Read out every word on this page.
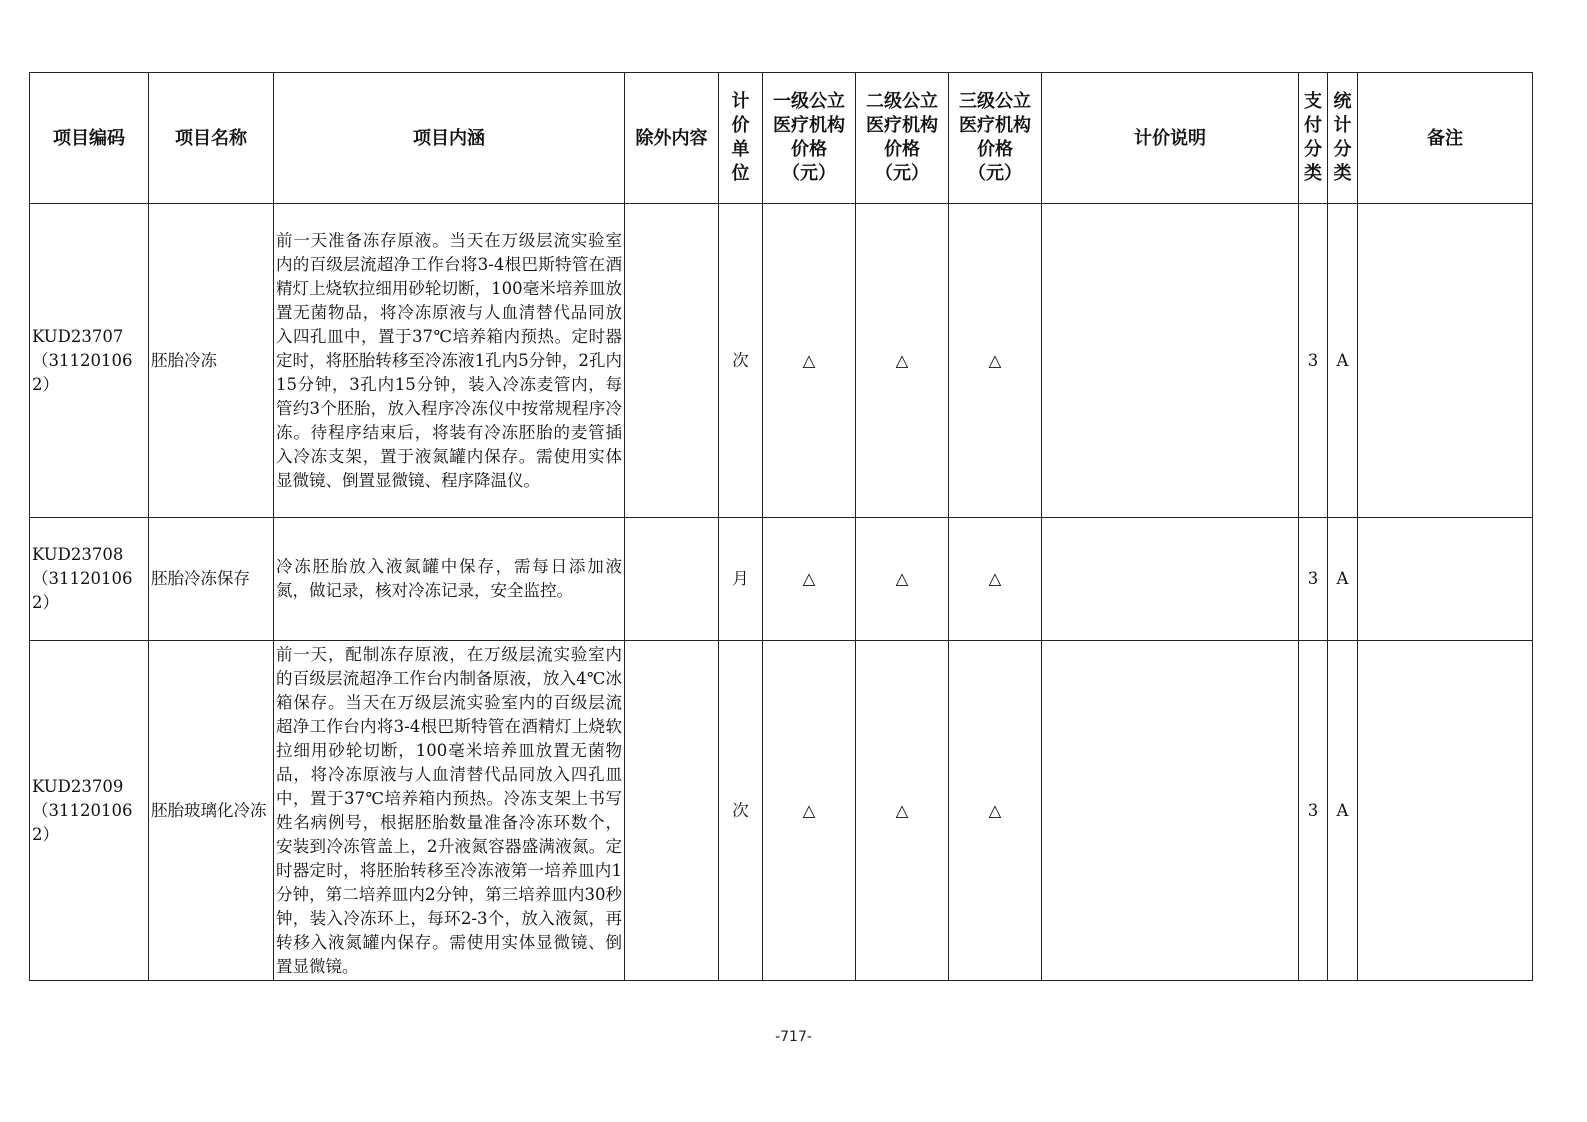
项目编码	项目名称	项目内涵	除外内容	计价单位	一级公立医疗机构价格（元）	二级公立医疗机构价格（元）	三级公立医疗机构价格（元）	计价说明	支付分类	统计分类	备注
KUD23707（311201062）	胚胎冷冻	前一天准备冻存原液。当天在万级层流实验室内的百级层流超净工作台将3-4根巴斯特管在酒精灯上烧软拉细用砂轮切断，100毫米培养皿放置无菌物品，将冷冻原液与人血清替代品同放入四孔皿中，置于37℃培养箱内预热。定时器定时，将胚胎转移至冷冻液1孔内5分钟，2孔内15分钟，3孔内15分钟，装入冷冻麦管内，每管约3个胚胎，放入程序冷冻仪中按常规程序冷冻。待程序结束后，将装有冷冻胚胎的麦管插入冷冻支架，置于液氮罐内保存。需使用实体显微镜、倒置显微镜、程序降温仪。		次	△	△	△		3	A	
KUD23708（311201062）	胚胎冷冻保存	冷冻胚胎放入液氮罐中保存，需每日添加液氮，做记录，核对冷冻记录，安全监控。		月	△	△	△		3	A	
KUD23709（311201062）	胚胎玻璃化冷冻	前一天，配制冻存原液，在万级层流实验室内的百级层流超净工作台内制备原液，放入4℃冰箱保存。当天在万级层流实验室内的百级层流超净工作台内将3-4根巴斯特管在酒精灯上烧软拉细用砂轮切断，100毫米培养皿放置无菌物品，将冷冻原液与人血清替代品同放入四孔皿中，置于37℃培养箱内预热。冷冻支架上书写姓名病例号，根据胚胎数量准备冷冻环数个，安装到冷冻管盖上，2升液氮容器盛满液氮。定时器定时，将胚胎转移至冷冻液第一培养皿内1分钟，第二培养皿内2分钟，第三培养皿内30秒钟，装入冷冻环上，每环2-3个，放入液氮，再转移入液氮罐内保存。需使用实体显微镜、倒置显微镜。		次	△	△	△		3	A	
-717-
